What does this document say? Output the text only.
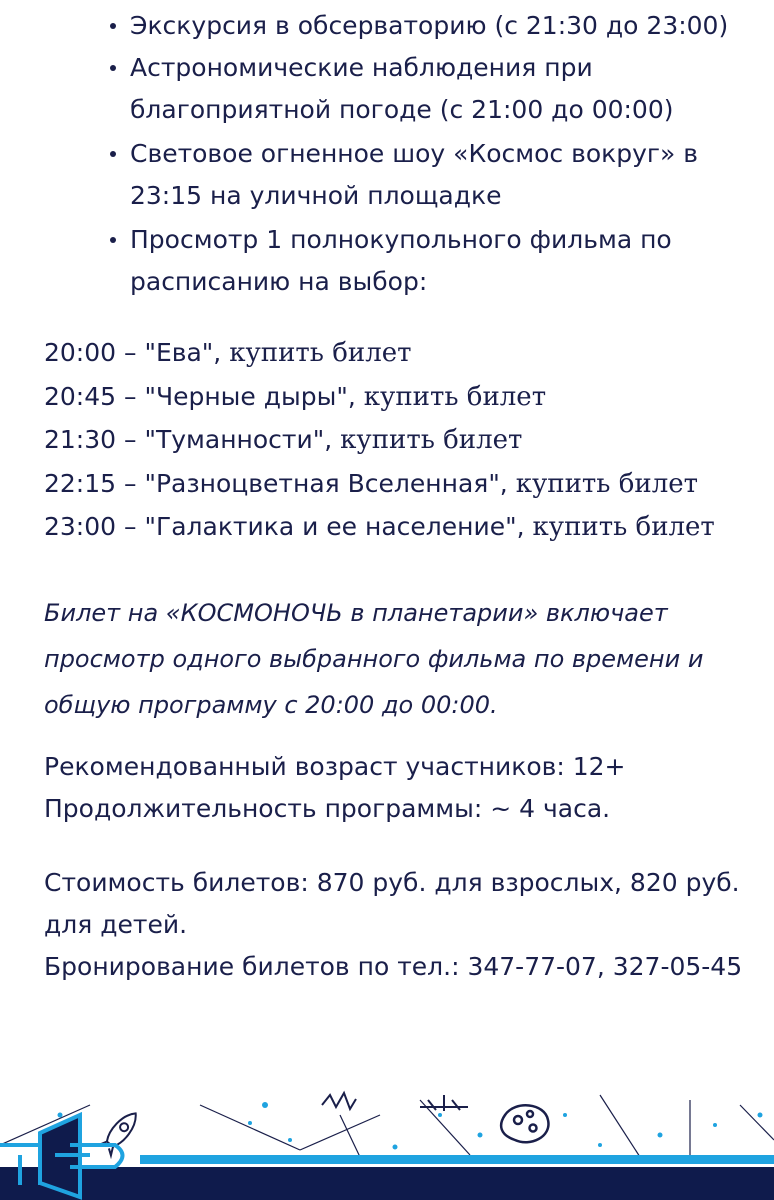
Экскурсия в обсерваторию (с 21:30 до 23:00)
Астрономические наблюдения при благоприятной погоде (с 21:00 до 00:00)
Световое огненное шоу «Космос вокруг» в 23:15 на уличной площадке
Просмотр 1 полнокупольного фильма по расписанию на выбор:
20:00 – "Ева", купить билет
20:45 – "Черные дыры", купить билет
21:30 – "Туманности", купить билет
22:15 – "Разноцветная Вселенная", купить билет
23:00 – "Галактика и ее население", купить билет
Билет на «КОСМОНОЧЬ в планетарии» включает просмотр одного выбранного фильма по времени и общую программу с 20:00 до 00:00.
Рекомендованный возраст участников: 12+
Продолжительность программы: ~ 4 часа.
Стоимость билетов: 870 руб. для взрослых, 820 руб. для детей.
Бронирование билетов по тел.: 347-77-07, 327-05-45
